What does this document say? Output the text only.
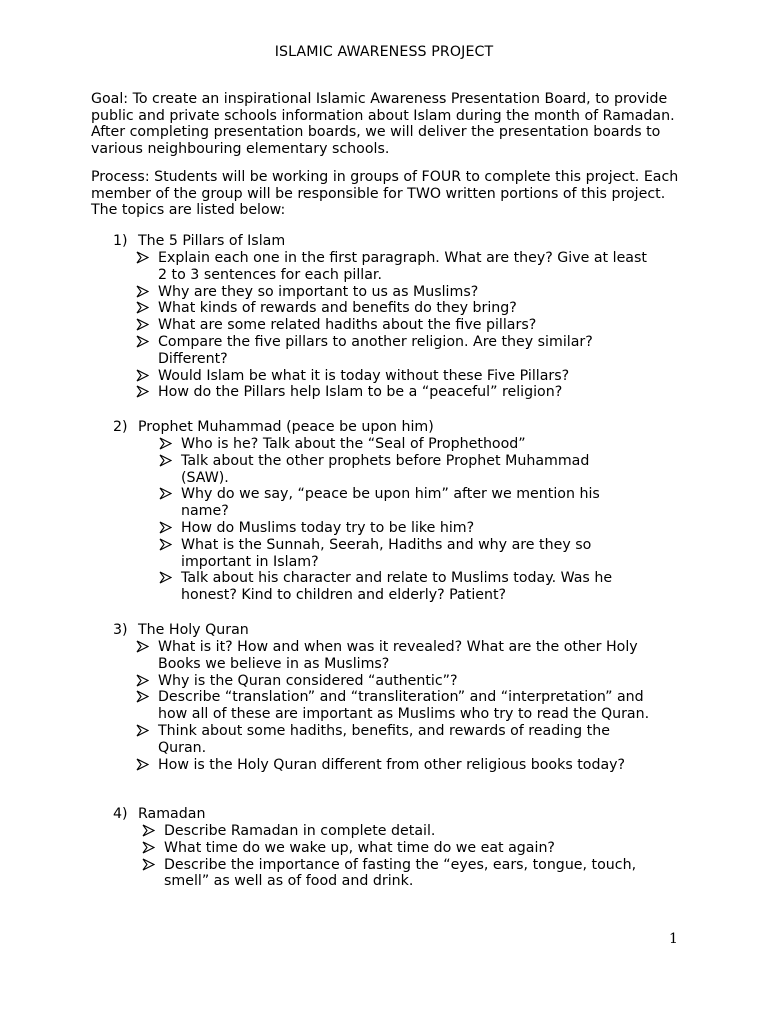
ISLAMIC AWARENESS PROJECT

Goal: To create an inspirational Islamic Awareness Presentation Board, to provide public and private schools information about Islam during the month of Ramadan. After completing presentation boards, we will deliver the presentation boards to various neighbouring elementary schools.

Process: Students will be working in groups of FOUR to complete this project. Each member of the group will be responsible for TWO written portions of this project. The topics are listed below:

1) The 5 Pillars of Islam
Explain each one in the first paragraph. What are they? Give at least 2 to 3 sentences for each pillar.
Why are they so important to us as Muslims?
What kinds of rewards and benefits do they bring?
What are some related hadiths about the five pillars?
Compare the five pillars to another religion. Are they similar? Different?
Would Islam be what it is today without these Five Pillars?
How do the Pillars help Islam to be a “peaceful” religion?
2) Prophet Muhammad (peace be upon him)
Who is he? Talk about the “Seal of Prophethood”
Talk about the other prophets before Prophet Muhammad (SAW).
Why do we say, “peace be upon him” after we mention his name?
How do Muslims today try to be like him?
What is the Sunnah, Seerah, Hadiths and why are they so important in Islam?
Talk about his character and relate to Muslims today. Was he honest? Kind to children and elderly? Patient?
3) The Holy Quran
What is it? How and when was it revealed? What are the other Holy Books we believe in as Muslims?
Why is the Quran considered “authentic”?
Describe “translation” and “transliteration” and “interpretation” and how all of these are important as Muslims who try to read the Quran.
Think about some hadiths, benefits, and rewards of reading the Quran.
How is the Holy Quran different from other religious books today?
4) Ramadan
Describe Ramadan in complete detail.
What time do we wake up, what time do we eat again?
Describe the importance of fasting the “eyes, ears, tongue, touch, smell” as well as of food and drink.
1
